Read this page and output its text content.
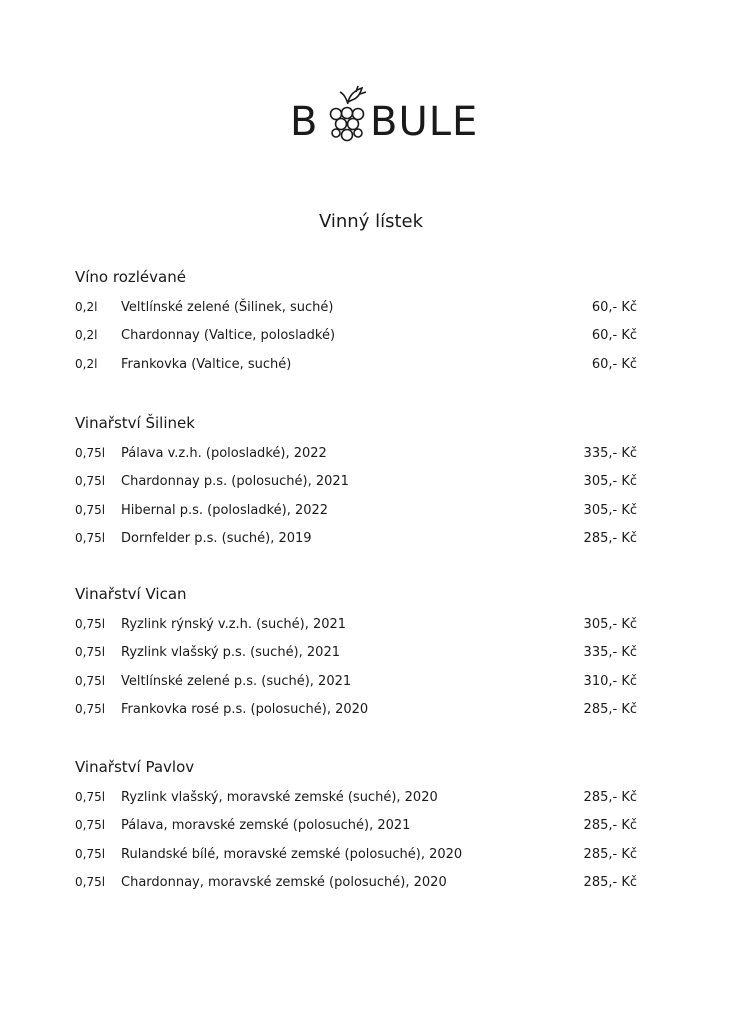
B BULE
Vinný lístek
Víno rozlévané
0,2l	Veltlínské zelené (Šilinek, suché)	60,- Kč
0,2l	Chardonnay (Valtice, polosladké)	60,- Kč
0,2l	Frankovka (Valtice, suché)	60,- Kč
Vinařství Šilinek
0,75l	Pálava v.z.h. (polosladké), 2022	335,- Kč
0,75l	Chardonnay p.s. (polosuché), 2021	305,- Kč
0,75l	Hibernal p.s. (polosladké), 2022	305,- Kč
0,75l	Dornfelder p.s. (suché), 2019	285,- Kč
Vinařství Vican
0,75l	Ryzlink rýnský v.z.h. (suché), 2021	305,- Kč
0,75l	Ryzlink vlašský p.s. (suché), 2021	335,- Kč
0,75l	Veltlínské zelené p.s. (suché), 2021	310,- Kč
0,75l	Frankovka rosé p.s. (polosuché), 2020	285,- Kč
Vinařství Pavlov
0,75l	Ryzlink vlašský, moravské zemské (suché), 2020	285,- Kč
0,75l	Pálava, moravské zemské (polosuché), 2021	285,- Kč
0,75l	Rulandské bílé, moravské zemské (polosuché), 2020	285,- Kč
0,75l	Chardonnay, moravské zemské (polosuché), 2020	285,- Kč
